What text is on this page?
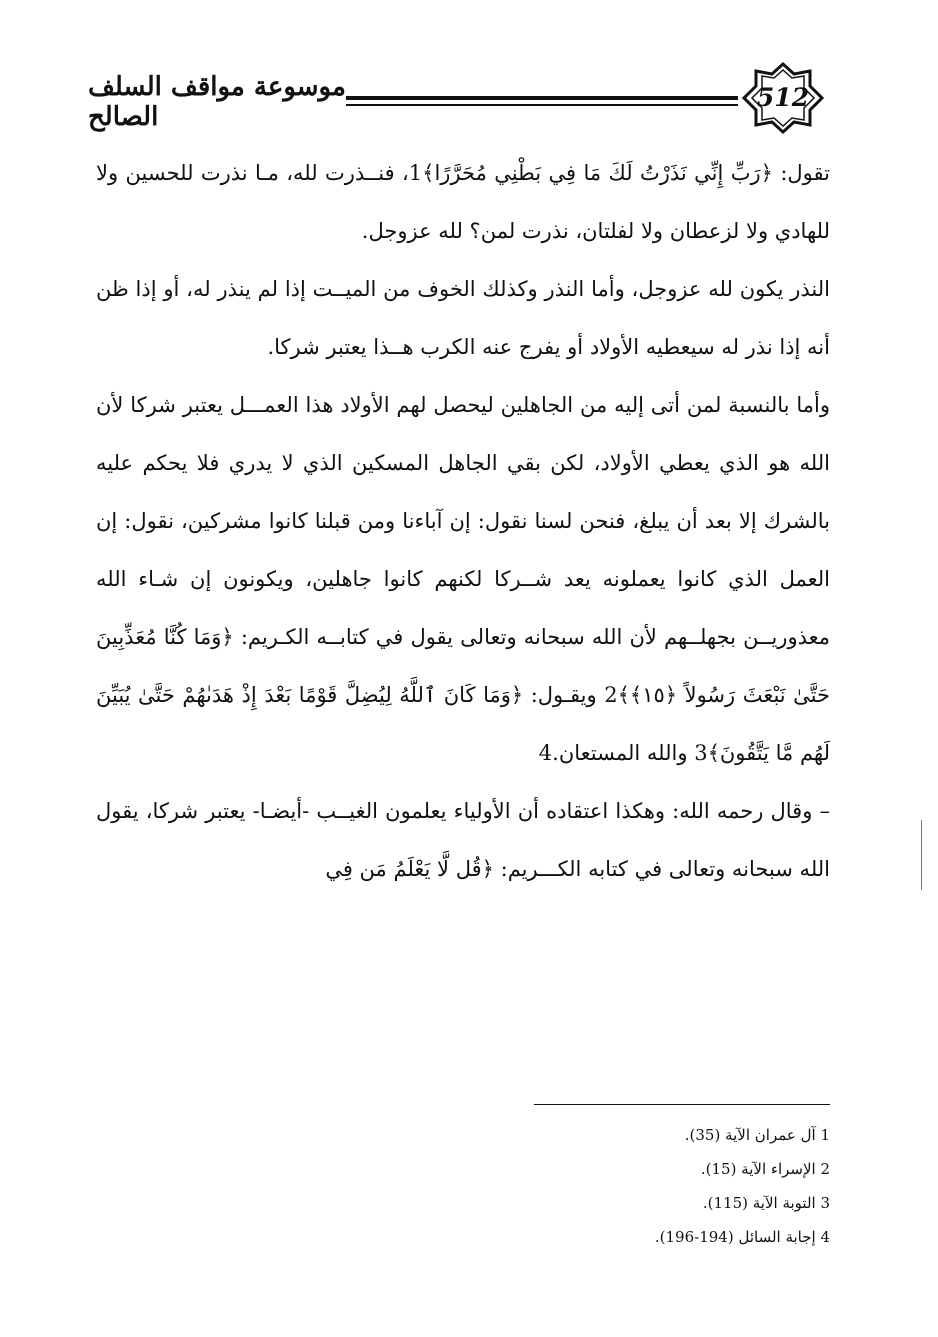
موسوعة مواقف السلف الصالح
512

تقول: ﴿رَبِّ إِنِّي نَذَرْتُ لَكَ مَا فِي بَطْنِي مُحَرَّرًا﴾1، فنــذرت لله، مـا نذرت للحسين ولا للهادي ولا لزعطان ولا لفلتان، نذرت لمن؟ لله عزوجل.

النذر يكون لله عزوجل، وأما النذر وكذلك الخوف من الميــت إذا لم ينذر له، أو إذا ظن أنه إذا نذر له سيعطيه الأولاد أو يفرج عنه الكرب هــذا يعتبر شركا.

وأما بالنسبة لمن أتى إليه من الجاهلين ليحصل لهم الأولاد هذا العمـــل يعتبر شركا لأن الله هو الذي يعطي الأولاد، لكن بقي الجاهل المسكين الذي لا يدري فلا يحكم عليه بالشرك إلا بعد أن يبلغ، فنحن لسنا نقول: إن آباءنا ومن قبلنا كانوا مشركين، نقول: إن العمل الذي كانوا يعملونه يعد شــركا لكنهم كانوا جاهلين، ويكونون إن شـاء الله معذوريــن بجهلــهم لأن الله سبحانه وتعالى يقول في كتابــه الكـريم: ﴿وَمَا كُنَّا مُعَذِّبِينَ حَتَّىٰ نَبْعَثَ رَسُولاً ﴿١٥﴾﴾2 ويقـول: ﴿وَمَا كَانَ ٱللَّهُ لِيُضِلَّ قَوْمًا بَعْدَ إِذْ هَدَىٰهُمْ حَتَّىٰ يُبَيِّنَ لَهُم مَّا يَتَّقُونَ﴾3 والله المستعان.4

– وقال رحمه الله: وهكذا اعتقاده أن الأولياء يعلمون الغيــب -أيضـا- يعتبر شركا، يقول الله سبحانه وتعالى في كتابه الكـــريم: ﴿قُل لَّا يَعْلَمُ مَن فِي

1 آل عمران الآية (35).

2 الإسراء الآية (15).

3 التوبة الآية (115).

4 إجابة السائل (194-196).
